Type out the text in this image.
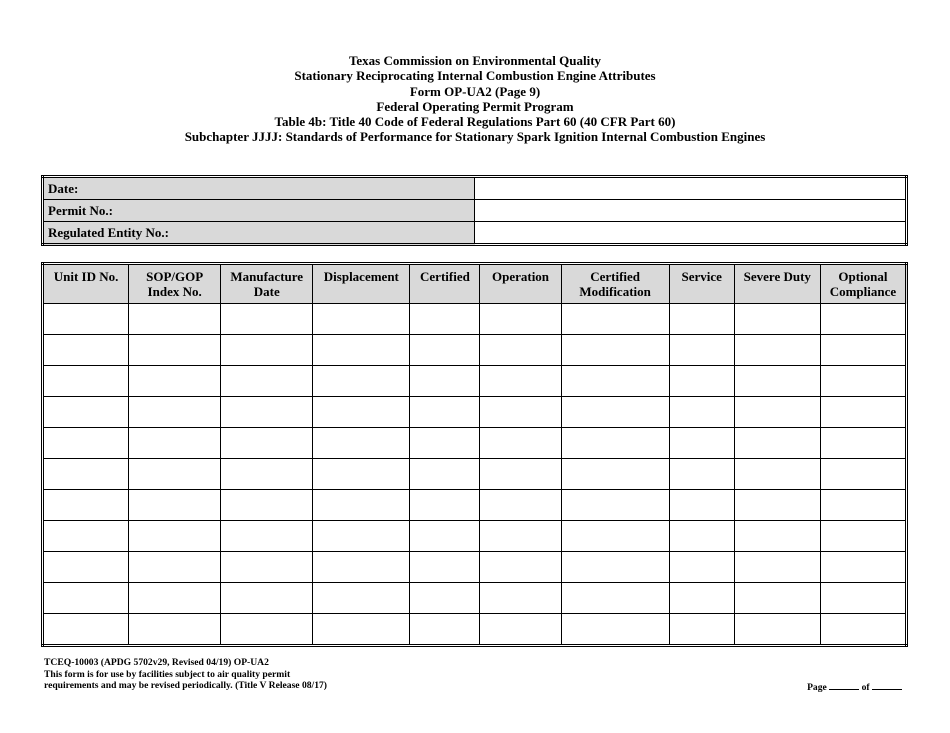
Texas Commission on Environmental Quality
Stationary Reciprocating Internal Combustion Engine Attributes
Form OP-UA2 (Page 9)
Federal Operating Permit Program
Table 4b: Title 40 Code of Federal Regulations Part 60 (40 CFR Part 60)
Subchapter JJJJ: Standards of Performance for Stationary Spark Ignition Internal Combustion Engines
Date:	
Permit No.:	
Regulated Entity No.:	
Unit ID No.	SOP/GOP Index No.	Manufacture Date	Displacement	Certified	Operation	Certified Modification	Service	Severe Duty	Optional Compliance

TCEQ-10003 (APDG 5702v29, Revised 04/19) OP-UA2
This form is for use by facilities subject to air quality permit
requirements and may be revised periodically. (Title V Release 08/17)	Page	of
